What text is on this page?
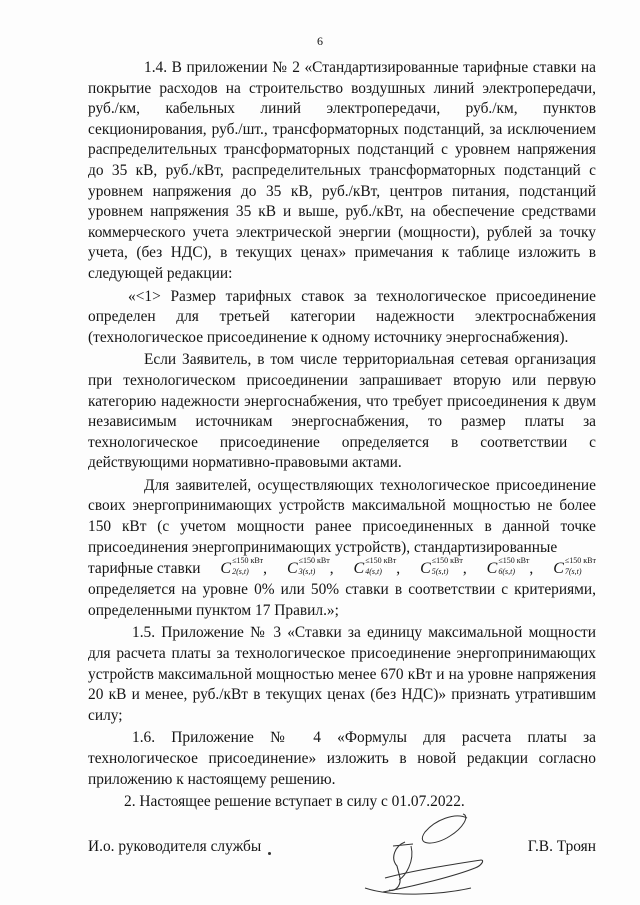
6

1.4. В приложении № 2 «Стандартизированные тарифные ставки на покрытие расходов на строительство воздушных линий электропередачи, руб./км, кабельных линий электропередачи, руб./км, пунктов секционирования, руб./шт., трансформаторных подстанций, за исключением распределительных трансформаторных подстанций с уровнем напряжения до 35 кВ, руб./кВт, распределительных трансформаторных подстанций с уровнем напряжения до 35 кВ, руб./кВт, центров питания, подстанций уровнем напряжения 35 кВ и выше, руб./кВт, на обеспечение средствами коммерческого учета электрической энергии (мощности), рублей за точку учета, (без НДС), в текущих ценах» примечания к таблице изложить в следующей редакции:

«<1> Размер тарифных ставок за технологическое присоединение определен для третьей категории надежности электроснабжения (технологическое присоединение к одному источнику энергоснабжения).

Если Заявитель, в том числе территориальная сетевая организация при технологическом присоединении запрашивает вторую или первую категорию надежности энергоснабжения, что требует присоединения к двум независимым источникам энергоснабжения, то размер платы за технологическое присоединение определяется в соответствии с действующими нормативно-правовыми актами.

Для заявителей, осуществляющих технологическое присоединение своих энергопринимающих устройств максимальной мощностью не более 150 кВт (с учетом мощности ранее присоединенных в данной точке присоединения энергопринимающих устройств), стандартизированные

тарифные ставки C ≤150 кВт
2(s,t) , C ≤150 кВт
3(s,t) , C ≤150 кВт
4(s,t) , C ≤150 кВт
5(s,t) , C ≤150 кВт
6(s,t) , C ≤150 кВт
7(s,t)

определяется на уровне 0% или 50% ставки в соответствии с критериями, определенными пунктом 17 Правил.»;

1.5. Приложение № 3 «Ставки за единицу максимальной мощности для расчета платы за технологическое присоединение энергопринимающих устройств максимальной мощностью менее 670 кВт и на уровне напряжения 20 кВ и менее, руб./кВт в текущих ценах (без НДС)» признать утратившим силу;

1.6. Приложение № 4 «Формулы для расчета платы за технологическое присоединение» изложить в новой редакции согласно приложению к настоящему решению.

2. Настоящее решение вступает в силу с 01.07.2022.

И.о. руководителя службы	Г.В. Троян
